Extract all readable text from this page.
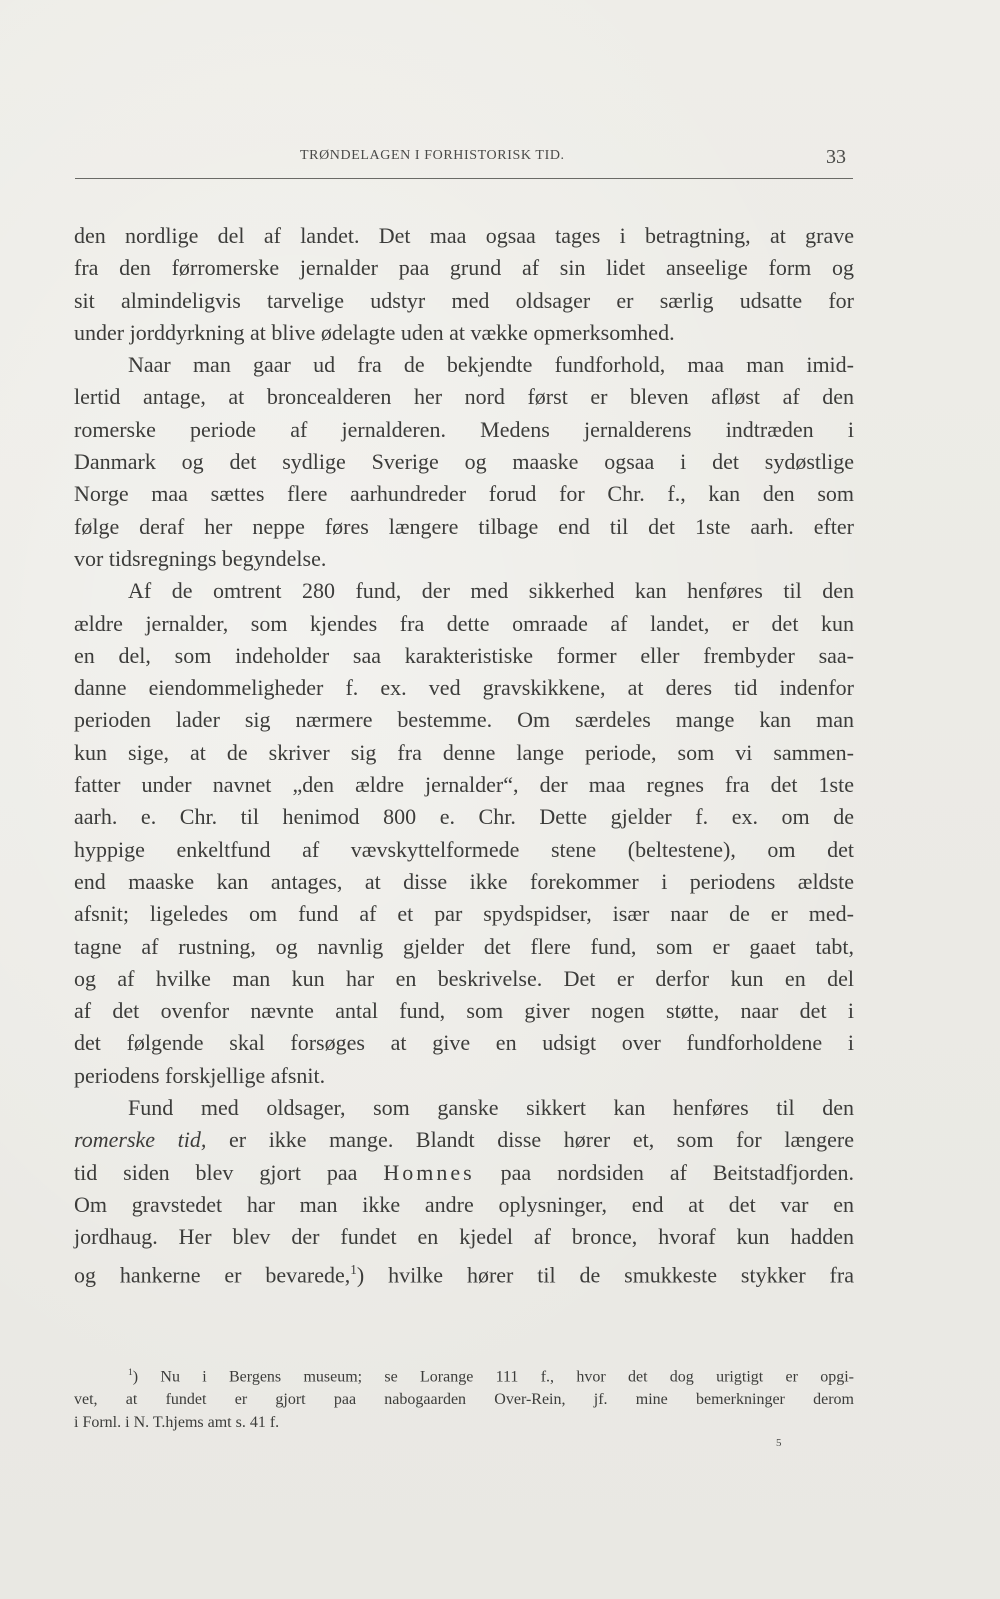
TRØNDELAGEN I FORHISTORISK TID.	33
den nordlige del af landet. Det maa ogsaa tages i betragtning, at grave
fra den førromerske jernalder paa grund af sin lidet anseelige form og
sit almindeligvis tarvelige udstyr med oldsager er særlig udsatte for
under jorddyrkning at blive ødelagte uden at vække opmerksomhed.
Naar man gaar ud fra de bekjendte fundforhold, maa man imid-
lertid antage, at broncealderen her nord først er bleven afløst af den
romerske periode af jernalderen. Medens jernalderens indtræden i
Danmark og det sydlige Sverige og maaske ogsaa i det sydøstlige
Norge maa sættes flere aarhundreder forud for Chr. f., kan den som
følge deraf her neppe føres længere tilbage end til det 1ste aarh. efter
vor tidsregnings begyndelse.
Af de omtrent 280 fund, der med sikkerhed kan henføres til den
ældre jernalder, som kjendes fra dette omraade af landet, er det kun
en del, som indeholder saa karakteristiske former eller frembyder saa-
danne eiendommeligheder f. ex. ved gravskikkene, at deres tid indenfor
perioden lader sig nærmere bestemme. Om særdeles mange kan man
kun sige, at de skriver sig fra denne lange periode, som vi sammen-
fatter under navnet „den ældre jernalder“, der maa regnes fra det 1ste
aarh. e. Chr. til henimod 800 e. Chr. Dette gjelder f. ex. om de
hyppige enkeltfund af vævskyttelformede stene (beltestene), om det
end maaske kan antages, at disse ikke forekommer i periodens ældste
afsnit; ligeledes om fund af et par spydspidser, især naar de er med-
tagne af rustning, og navnlig gjelder det flere fund, som er gaaet tabt,
og af hvilke man kun har en beskrivelse. Det er derfor kun en del
af det ovenfor nævnte antal fund, som giver nogen støtte, naar det i
det følgende skal forsøges at give en udsigt over fundforholdene i
periodens forskjellige afsnit.
Fund med oldsager, som ganske sikkert kan henføres til den
romerske tid, er ikke mange. Blandt disse hører et, som for længere
tid siden blev gjort paa Homnes paa nordsiden af Beitstadfjorden.
Om gravstedet har man ikke andre oplysninger, end at det var en
jordhaug. Her blev der fundet en kjedel af bronce, hvoraf kun hadden
og hankerne er bevarede,$^1$) hvilke hører til de smukkeste stykker fra
$^1$) Nu i Bergens museum; se Lorange 111 f., hvor det dog urigtigt er opgi-
vet, at fundet er gjort paa nabogaarden Over-Rein, jf. mine bemerkninger derom
i Fornl. i N. T.hjems amt s. 41 f.
5
